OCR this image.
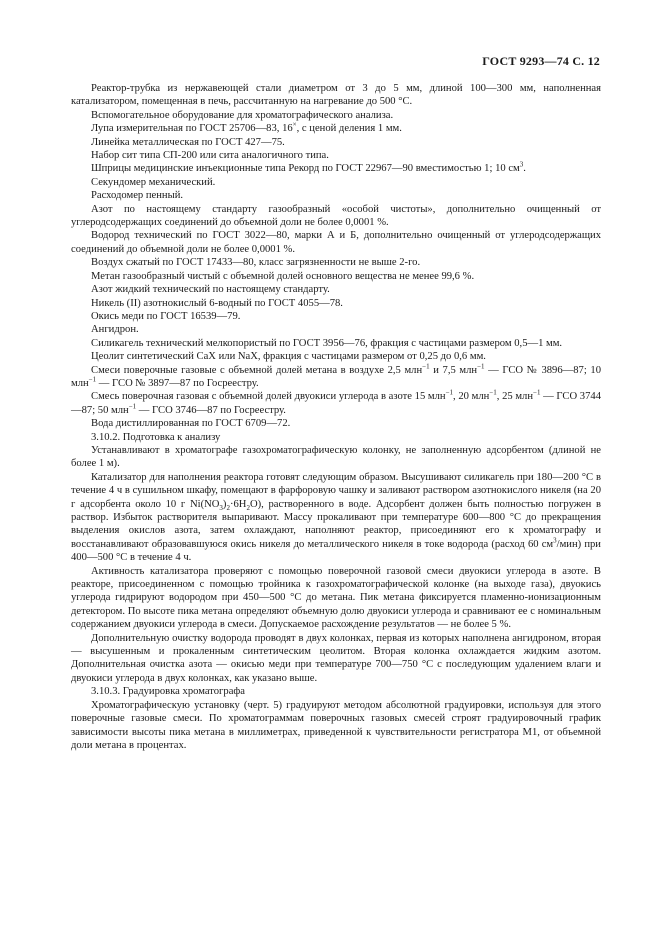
ГОСТ 9293—74 С. 12

Реактор-трубка из нержавеющей стали диаметром от 3 до 5 мм, длиной 100—300 мм, наполненная катализатором, помещенная в печь, рассчитанную на нагревание до 500 °С.

Вспомогательное оборудование для хроматографического анализа.

Лупа измерительная по ГОСТ 25706—83, 16×, с ценой деления 1 мм.

Линейка металлическая по ГОСТ 427—75.

Набор сит типа СП-200 или сита аналогичного типа.

Шприцы медицинские инъекционные типа Рекорд по ГОСТ 22967—90 вместимостью 1; 10 $см^3$.

Секундомер механический.

Расходомер пенный.

Азот по настоящему стандарту газообразный «особой чистоты», дополнительно очищенный от углеродсодержащих соединений до объемной доли не более 0,0001 %.

Водород технический по ГОСТ 3022—80, марки А и Б, дополнительно очищенный от углеродсодержащих соединений до объемной доли не более 0,0001 %.

Воздух сжатый по ГОСТ 17433—80, класс загрязненности не выше 2-го.

Метан газообразный чистый с объемной долей основного вещества не менее 99,6 %.

Азот жидкий технический по настоящему стандарту.

Никель (II) азотнокислый 6-водный по ГОСТ 4055—78.

Окись меди по ГОСТ 16539—79.

Ангидрон.

Силикагель технический мелкопористый по ГОСТ 3956—76, фракция с частицами размером 0,5—1 мм.

Цеолит синтетический CaX или NaX, фракция с частицами размером от 0,25 до 0,6 мм.

Смеси поверочные газовые с объемной долей метана в воздухе 2,5 млн$^{-1}$ и 7,5 млн$^{-1}$ — ГСО № 3896—87; 10 млн$^{-1}$ — ГСО № 3897—87 по Госреестру.

Смесь поверочная газовая с объемной долей двуокиси углерода в азоте 15 млн$^{-1}$, 20 млн$^{-1}$, 25 млн$^{-1}$ — ГСО 3744—87; 50 млн$^{-1}$ — ГСО 3746—87 по Госреестру.

Вода дистиллированная по ГОСТ 6709—72.

3.10.2. Подготовка к анализу

Устанавливают в хроматографе газохроматографическую колонку, не заполненную адсорбентом (длиной не более 1 м).

Катализатор для наполнения реактора готовят следующим образом. Высушивают силикагель при 180—200 °С в течение 4 ч в сушильном шкафу, помещают в фарфоровую чашку и заливают раствором азотнокислого никеля (на 20 г адсорбента около 10 г $Ni(NO_3)_2\cdot 6H_2O$), растворенного в воде. Адсорбент должен быть полностью погружен в раствор. Избыток растворителя выпаривают. Массу прокаливают при температуре 600—800 °С до прекращения выделения окислов азота, затем охлаждают, наполняют реактор, присоединяют его к хроматографу и восстанавливают образовавшуюся окись никеля до металлического никеля в токе водорода (расход 60 $см^3/мин$) при 400—500 °С в течение 4 ч.

Активность катализатора проверяют с помощью поверочной газовой смеси двуокиси углерода в азоте. В реакторе, присоединенном с помощью тройника к газохроматографической колонке (на выходе газа), двуокись углерода гидрируют водородом при 450—500 °С до метана. Пик метана фиксируется пламенно-ионизационным детектором. По высоте пика метана определяют объемную долю двуокиси углерода и сравнивают ее с номинальным содержанием двуокиси углерода в смеси. Допускаемое расхождение результатов — не более 5 %.

Дополнительную очистку водорода проводят в двух колонках, первая из которых наполнена ангидроном, вторая — высушенным и прокаленным синтетическим цеолитом. Вторая колонка охлаждается жидким азотом. Дополнительная очистка азота — окисью меди при температуре 700—750 °С с последующим удалением влаги и двуокиси углерода в двух колонках, как указано выше.

3.10.3. Градуировка хроматографа

Хроматографическую установку (черт. 5) градуируют методом абсолютной градуировки, используя для этого поверочные газовые смеси. По хроматограммам поверочных газовых смесей строят градуировочный график зависимости высоты пика метана в миллиметрах, приведенной к чувствительности регистратора М1, от объемной доли метана в процентах.
